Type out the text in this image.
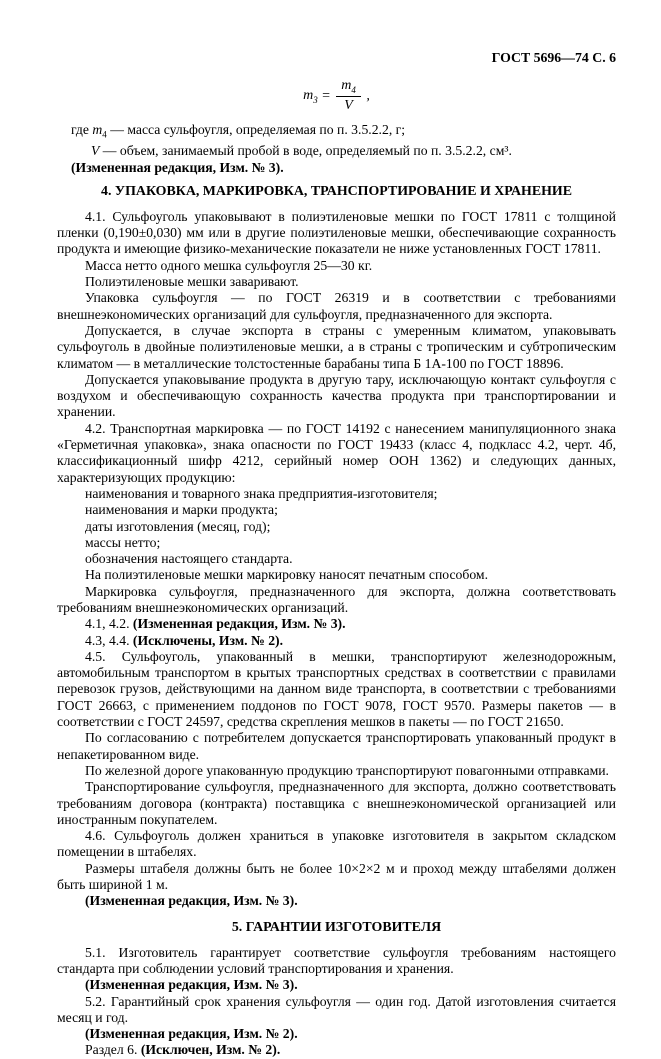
ГОСТ 5696—74 С. 6

$m_3 = \frac{m_4}{V}$ ,

где $m_4$ — масса сульфоугля, определяемая по п. 3.5.2.2, г;

V — объем, занимаемый пробой в воде, определяемый по п. 3.5.2.2, см³.

(Измененная редакция, Изм. № 3).

4. УПАКОВКА, МАРКИРОВКА, ТРАНСПОРТИРОВАНИЕ И ХРАНЕНИЕ

4.1. Сульфоуголь упаковывают в полиэтиленовые мешки по ГОСТ 17811 с толщиной пленки (0,190±0,030) мм или в другие полиэтиленовые мешки, обеспечивающие сохранность продукта и имеющие физико-механические показатели не ниже установленных ГОСТ 17811.

Масса нетто одного мешка сульфоугля 25—30 кг.

Полиэтиленовые мешки заваривают.

Упаковка сульфоугля — по ГОСТ 26319 и в соответствии с требованиями внешнеэкономических организаций для сульфоугля, предназначенного для экспорта.

Допускается, в случае экспорта в страны с умеренным климатом, упаковывать сульфоуголь в двойные полиэтиленовые мешки, а в страны с тропическим и субтропическим климатом — в металлические толстостенные барабаны типа Б 1А-100 по ГОСТ 18896.

Допускается упаковывание продукта в другую тару, исключающую контакт сульфоугля с воздухом и обеспечивающую сохранность качества продукта при транспортировании и хранении.

4.2. Транспортная маркировка — по ГОСТ 14192 с нанесением манипуляционного знака «Герметичная упаковка», знака опасности по ГОСТ 19433 (класс 4, подкласс 4.2, черт. 4б, классификационный шифр 4212, серийный номер ООН 1362) и следующих данных, характеризующих продукцию:

наименования и товарного знака предприятия-изготовителя;

наименования и марки продукта;

даты изготовления (месяц, год);

массы нетто;

обозначения настоящего стандарта.

На полиэтиленовые мешки маркировку наносят печатным способом.

Маркировка сульфоугля, предназначенного для экспорта, должна соответствовать требованиям внешнеэкономических организаций.

4.1, 4.2. (Измененная редакция, Изм. № 3).

4.3, 4.4. (Исключены, Изм. № 2).

4.5. Сульфоуголь, упакованный в мешки, транспортируют железнодорожным, автомобильным транспортом в крытых транспортных средствах в соответствии с правилами перевозок грузов, действующими на данном виде транспорта, в соответствии с требованиями ГОСТ 26663, с применением поддонов по ГОСТ 9078, ГОСТ 9570. Размеры пакетов — в соответствии с ГОСТ 24597, средства скрепления мешков в пакеты — по ГОСТ 21650.

По согласованию с потребителем допускается транспортировать упакованный продукт в непакетированном виде.

По железной дороге упакованную продукцию транспортируют повагонными отправками.

Транспортирование сульфоугля, предназначенного для экспорта, должно соответствовать требованиям договора (контракта) поставщика с внешнеэкономической организацией или иностранным покупателем.

4.6. Сульфоуголь должен храниться в упаковке изготовителя в закрытом складском помещении в штабелях.

Размеры штабеля должны быть не более 10×2×2 м и проход между штабелями должен быть шириной 1 м.

(Измененная редакция, Изм. № 3).

5. ГАРАНТИИ ИЗГОТОВИТЕЛЯ

5.1. Изготовитель гарантирует соответствие сульфоугля требованиям настоящего стандарта при соблюдении условий транспортирования и хранения.

(Измененная редакция, Изм. № 3).

5.2. Гарантийный срок хранения сульфоугля — один год. Датой изготовления считается месяц и год.

(Измененная редакция, Изм. № 2).

Раздел 6. (Исключен, Изм. № 2).
